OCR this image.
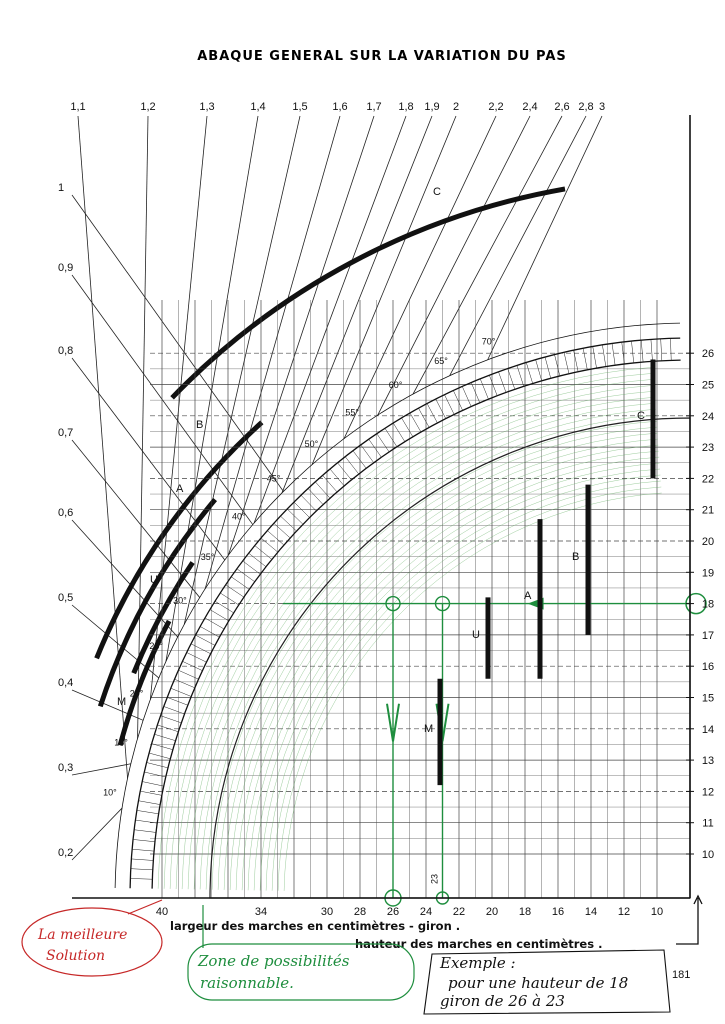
ABAQUE GENERAL SUR LA VARIATION DU PAS
1,1	1,2	1,3	1,4 1,5 1,6 1,7 1,8 1,9 2	2,2 2,4 2,6 2,8 3
1
0,9
0,8
0,7
0,6
0,5
0,4
0,3
0,2
C
B
A
U
M
10°
15°
20°
25°
30°
35°
40°
45°
50°
55°
60°
65°
70°
23
M
U
A
B
C
10
11
12
13
14
15
16
17
18
19
20
21
22
23
24
25
26
40	34	30 28 26 24 22 20 18 16 14 12 10
largeur des marches en centimètres - giron .
hauteur des marches en centimètres .
La meilleure
Solution	Zone de possibilités
raisonnable.
Exemple :
pour une hauteur de 18
giron de 26 à 23
181
